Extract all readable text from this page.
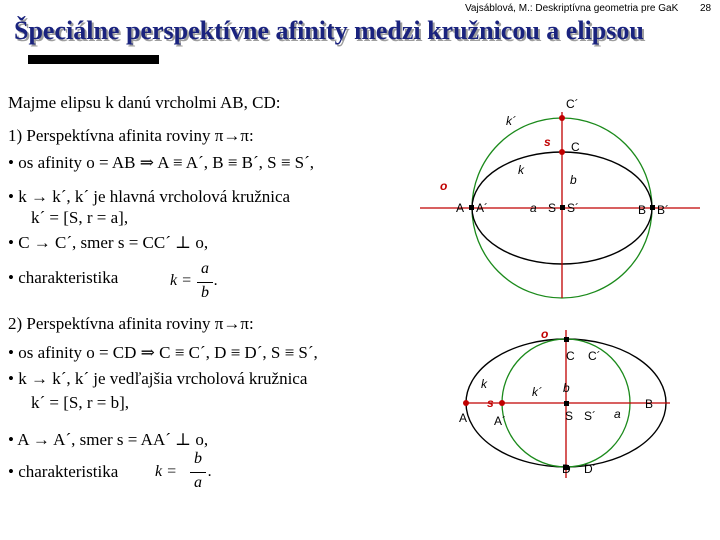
Vajsáblová, M.: Deskriptívna geometria pre GaK 28
Špeciálne perspektívne afinity medzi kružnicou a elipsou
Majme elipsu k danú vrcholmi AB, CD:
1) Perspektívna afinita roviny π→π:
• os afinity o = AB ⇒ A ≡ A´, B ≡ B´, S ≡ S´,
• k → k´, k´ je hlavná vrcholová kružnica
k´ = [S, r = a],
• C → C´, smer s = CC´ ⊥ o,
• charakteristika	k =
a
b
.
2) Perspektívna afinita roviny π→π:
• os afinity o = CD ⇒ C ≡ C´, D ≡ D´, S ≡ S´,
• k → k´, k´ je vedľajšia vrcholová kružnica
k´ = [S, r = b],
• A → A´, smer s = AA´ ⊥ o,
• charakteristika k =
b
a
.
C´
k´
s C
k
b
o
A A´	a S S´	B B´
o
C C´
k
k´ b
B
s
A A´	S S´ a
D D´
